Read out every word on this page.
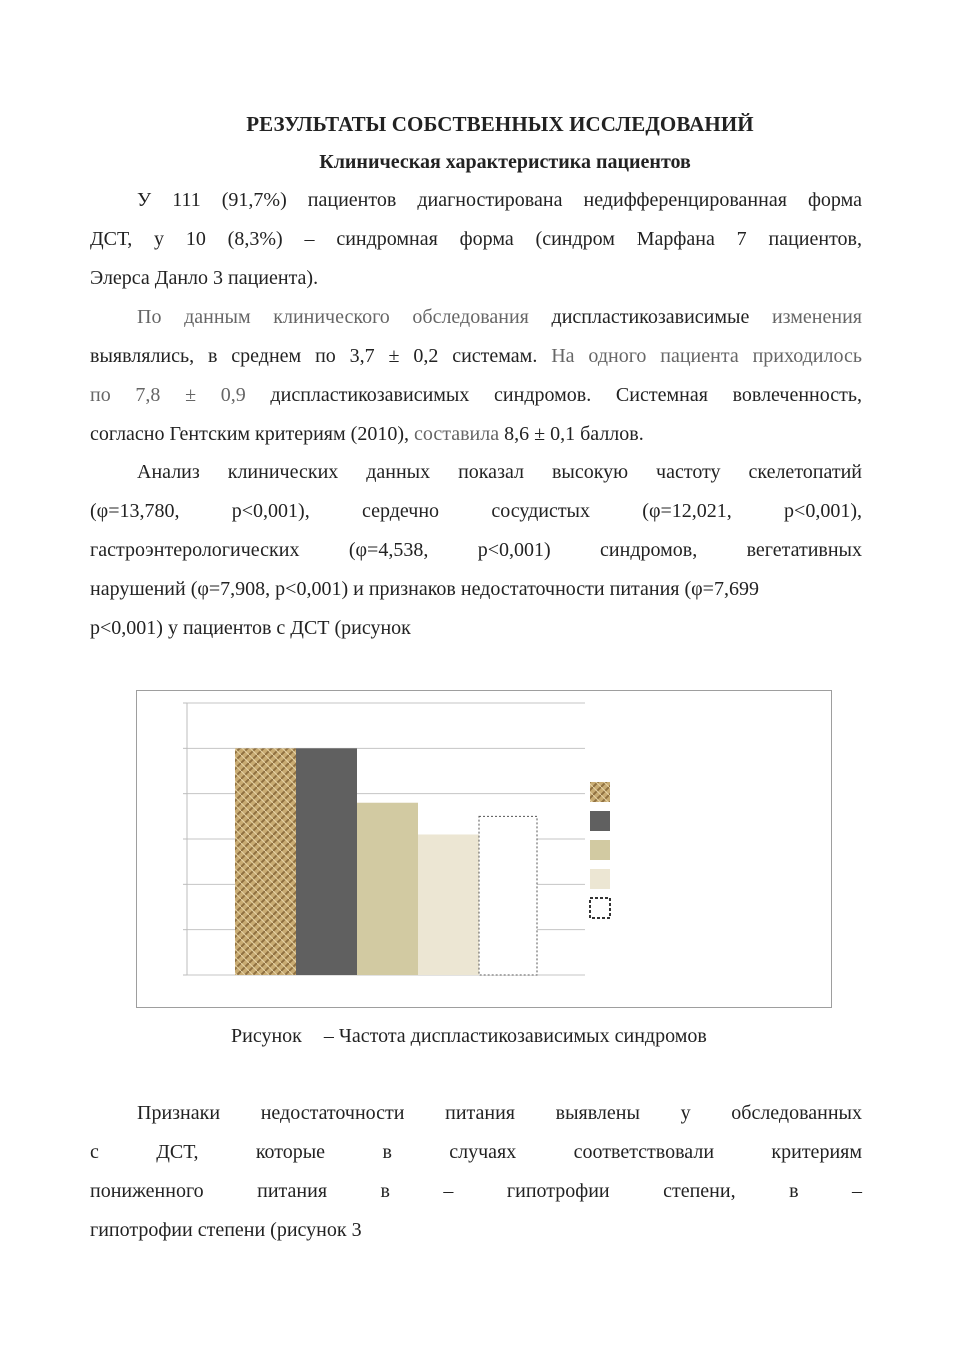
РЕЗУЛЬТАТЫ СОБСТВЕННЫХ ИССЛЕДОВАНИЙ
Клиническая характеристика пациентов
У 111 (91,7%) пациентов диагностирована недифференцированная форма
ДСТ, у 10 (8,3%) – синдромная форма (синдром Марфана 7 пациентов,
Элерса Данло 3 пациента).
По данным клинического обследования диспластикозависимые изменения
выявлялись, в среднем по 3,7 ± 0,2 системам. На одного пациента приходилось
по 7,8 ± 0,9 диспластикозависимых синдромов. Системная вовлеченность,
согласно Гентским критериям (2010), составила 8,6 ± 0,1 баллов.
Анализ клинических данных показал высокую частоту скелетопатий
(φ=13,780, p<0,001), сердечно сосудистых (φ=12,021, p<0,001),
гастроэнтерологических (φ=4,538, p<0,001) синдромов, вегетативных
нарушений (φ=7,908, p<0,001) и признаков недостаточности питания (φ=7,699
p<0,001) у пациентов с ДСТ (рисунок
Рисунок – Частота диспластикозависимых синдромов
Признаки недостаточности питания выявлены у обследованных
с ДСТ, которые в случаях соответствовали критериям
пониженного питания в – гипотрофии степени, в –
гипотрофии степени (рисунок 3
